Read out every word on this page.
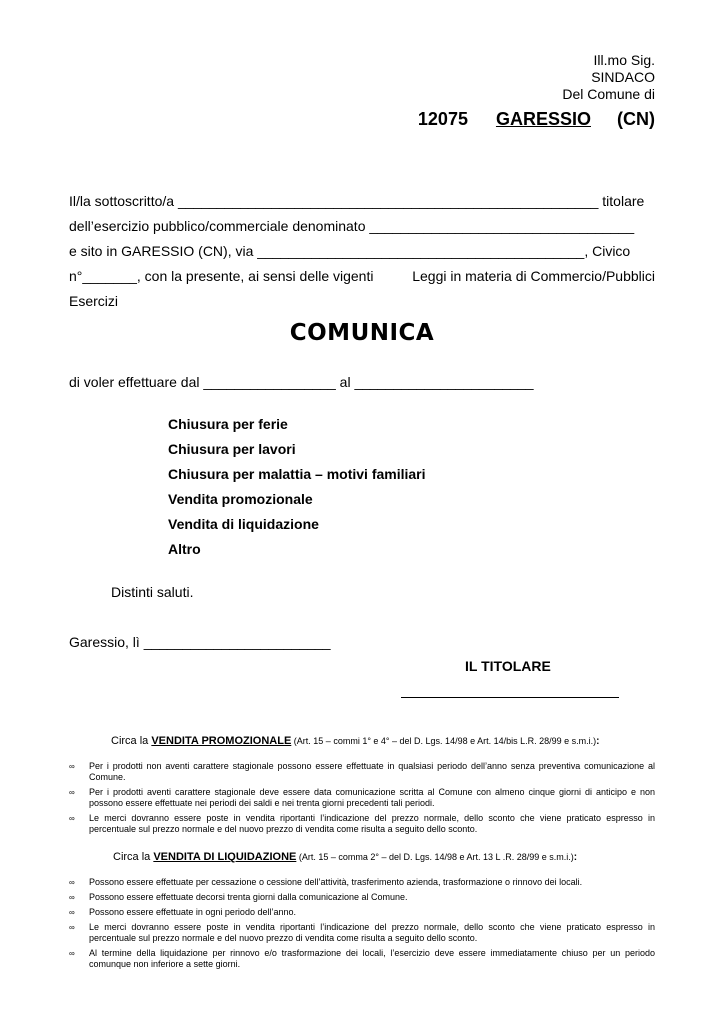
Ill.mo Sig.
SINDACO
Del Comune di
12075 GARESSIO (CN)
Il/la sottoscritto/a ______________________________________________________ titolare
dell’esercizio pubblico/commerciale denominato __________________________________
e sito in GARESSIO (CN), via __________________________________________, Civico
n°_______, con la presente, ai sensi delle vigenti	Leggi in materia di Commercio/Pubblici
Esercizi
COMUNICA
di voler effettuare dal _________________ al _______________________
Chiusura per ferie
Chiusura per lavori
Chiusura per malattia – motivi familiari
Vendita promozionale
Vendita di liquidazione
Altro
Distinti saluti.
Garessio, lì ________________________
IL TITOLARE
Circa la VENDITA PROMOZIONALE (Art. 15 – commi 1° e 4° – del D. Lgs. 14/98 e Art. 14/bis L.R. 28/99 e s.m.i.):
∞ Per i prodotti non aventi carattere stagionale possono essere effettuate in qualsiasi periodo dell’anno senza preventiva comunicazione al Comune.
∞ Per i prodotti aventi carattere stagionale deve essere data comunicazione scritta al Comune con almeno cinque giorni di anticipo e non possono essere effettuate nei periodi dei saldi e nei trenta giorni precedenti tali periodi.
∞ Le merci dovranno essere poste in vendita riportanti l’indicazione del prezzo normale, dello sconto che viene praticato espresso in percentuale sul prezzo normale e del nuovo prezzo di vendita come risulta a seguito dello sconto.
Circa la VENDITA DI LIQUIDAZIONE (Art. 15 – comma 2° – del D. Lgs. 14/98 e Art. 13 L .R. 28/99 e s.m.i.):
∞ Possono essere effettuate per cessazione o cessione dell’attività, trasferimento azienda, trasformazione o rinnovo dei locali.
∞ Possono essere effettuate decorsi trenta giorni dalla comunicazione al Comune.
∞ Possono essere effettuate in ogni periodo dell’anno.
∞ Le merci dovranno essere poste in vendita riportanti l’indicazione del prezzo normale, dello sconto che viene praticato espresso in percentuale sul prezzo normale e del nuovo prezzo di vendita come risulta a seguito dello sconto.
∞ Al termine della liquidazione per rinnovo e/o trasformazione dei locali, l’esercizio deve essere immediatamente chiuso per un periodo comunque non inferiore a sette giorni.
